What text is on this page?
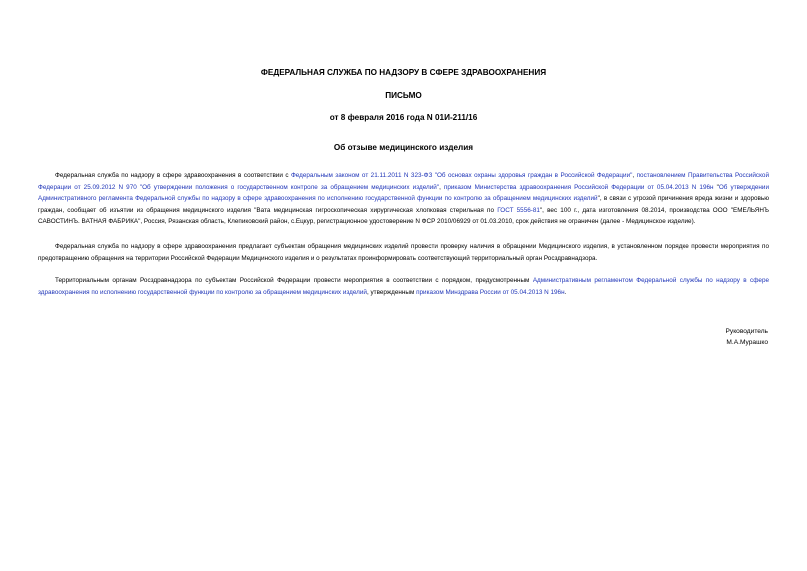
ФЕДЕРАЛЬНАЯ СЛУЖБА ПО НАДЗОРУ В СФЕРЕ ЗДРАВООХРАНЕНИЯ
ПИСЬМО
от 8 февраля 2016 года N 01И-211/16
Об отзыве медицинского изделия

Федеральная служба по надзору в сфере здравоохранения в соответствии с Федеральным законом от 21.11.2011 N 323-ФЗ "Об основах охраны здоровья граждан в Российской Федерации", постановлением Правительства Российской Федерации от 25.09.2012 N 970 "Об утверждении положения о государственном контроле за обращением медицинских изделий", приказом Министерства здравоохранения Российской Федерации от 05.04.2013 N 196н "Об утверждении Административного регламента Федеральной службы по надзору в сфере здравоохранения по исполнению государственной функции по контролю за обращением медицинских изделий", в связи с угрозой причинения вреда жизни и здоровью граждан, сообщает об изъятии из обращения медицинского изделия "Вата медицинская гигроскопическая хирургическая хлопковая стерильная по ГОСТ 5556-81", вес 100 г., дата изготовления 08.2014, производства ООО "ЕМЕЛЬЯНЪ САВОСТИНЪ. ВАТНАЯ ФАБРИКА", Россия, Рязанская область, Клепиковский район, с.Ецкур, регистрационное удостоверение N ФСР 2010/06929 от 01.03.2010, срок действия не ограничен (далее - Медицинское изделие).

Федеральная служба по надзору в сфере здравоохранения предлагает субъектам обращения медицинских изделий провести проверку наличия в обращении Медицинского изделия, в установленном порядке провести мероприятия по предотвращению обращения на территории Российской Федерации Медицинского изделия и о результатах проинформировать соответствующий территориальный орган Росздравнадзора.

Территориальным органам Росздравнадзора по субъектам Российской Федерации провести мероприятия в соответствии с порядком, предусмотренным Административным регламентом Федеральной службы по надзору в сфере здравоохранения по исполнению государственной функции по контролю за обращением медицинских изделий, утвержденным приказом Минздрава России от 05.04.2013 N 196н.

Руководитель
М.А.Мурашко
